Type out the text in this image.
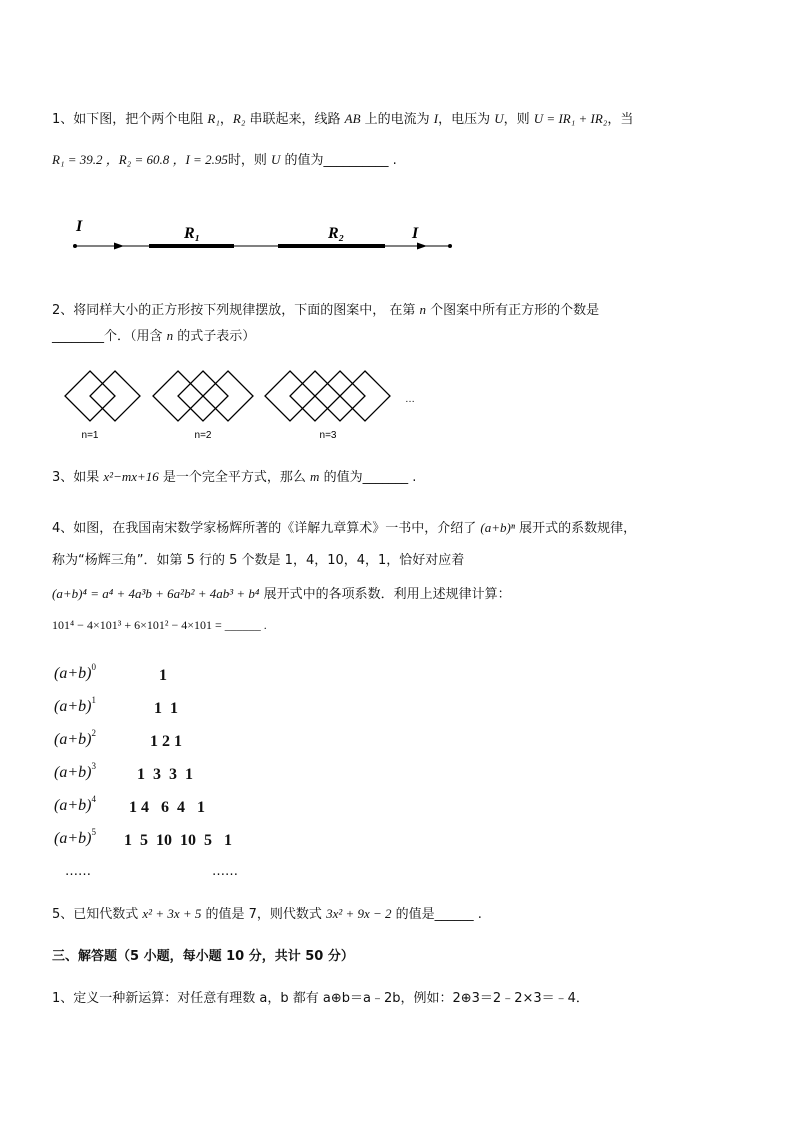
1、如下图，把个两个电阻 R₁，R₂ 串联起来，线路 AB 上的电流为 I，电压为 U，则 U = IR₁ + IR₂，当
R₁ = 39.2 ，R₂ = 60.8 ，I = 2.95时，则 U 的值为__________ .
I	R₁	R₂	I
2、将同样大小的正方形按下列规律摆放，下面的图案中， 在第 n 个图案中所有正方形的个数是
________个．（用含 n 的式子表示）
n=1	n=2	n=3
…
3、如果 x²−mx+16 是一个完全平方式，那么 m 的值为_______ .
4、如图，在我国南宋数学家杨辉所著的《详解九章算术》一书中，介绍了 (a+b)ⁿ 展开式的系数规律，
称为“杨辉三角”．如第 5 行的 5 个数是 1，4，10，4，1，恰好对应着
(a+b)⁴ = a⁴ + 4a³b + 6a²b² + 4ab³ + b⁴ 展开式中的各项系数．利用上述规律计算：
101⁴ − 4×101³ + 6×101² − 4×101 = ______ .
$(a+b)^0$	1
$(a+b)^1$	1  1
$(a+b)^2$	1 2 1
$(a+b)^3$	1  3  3  1
$(a+b)^4$ 1 4   6  4   1
$(a+b)^5$ 1  5  10  10  5   1
……	……
5、已知代数式 x² + 3x + 5 的值是 7，则代数式 3x² + 9x − 2 的值是______ .
三、解答题（5 小题，每小题 10 分，共计 50 分）
1、定义一种新运算：对任意有理数 a，b 都有 a⊕b＝a﹣2b，例如：2⊕3＝2﹣2×3＝﹣4．
